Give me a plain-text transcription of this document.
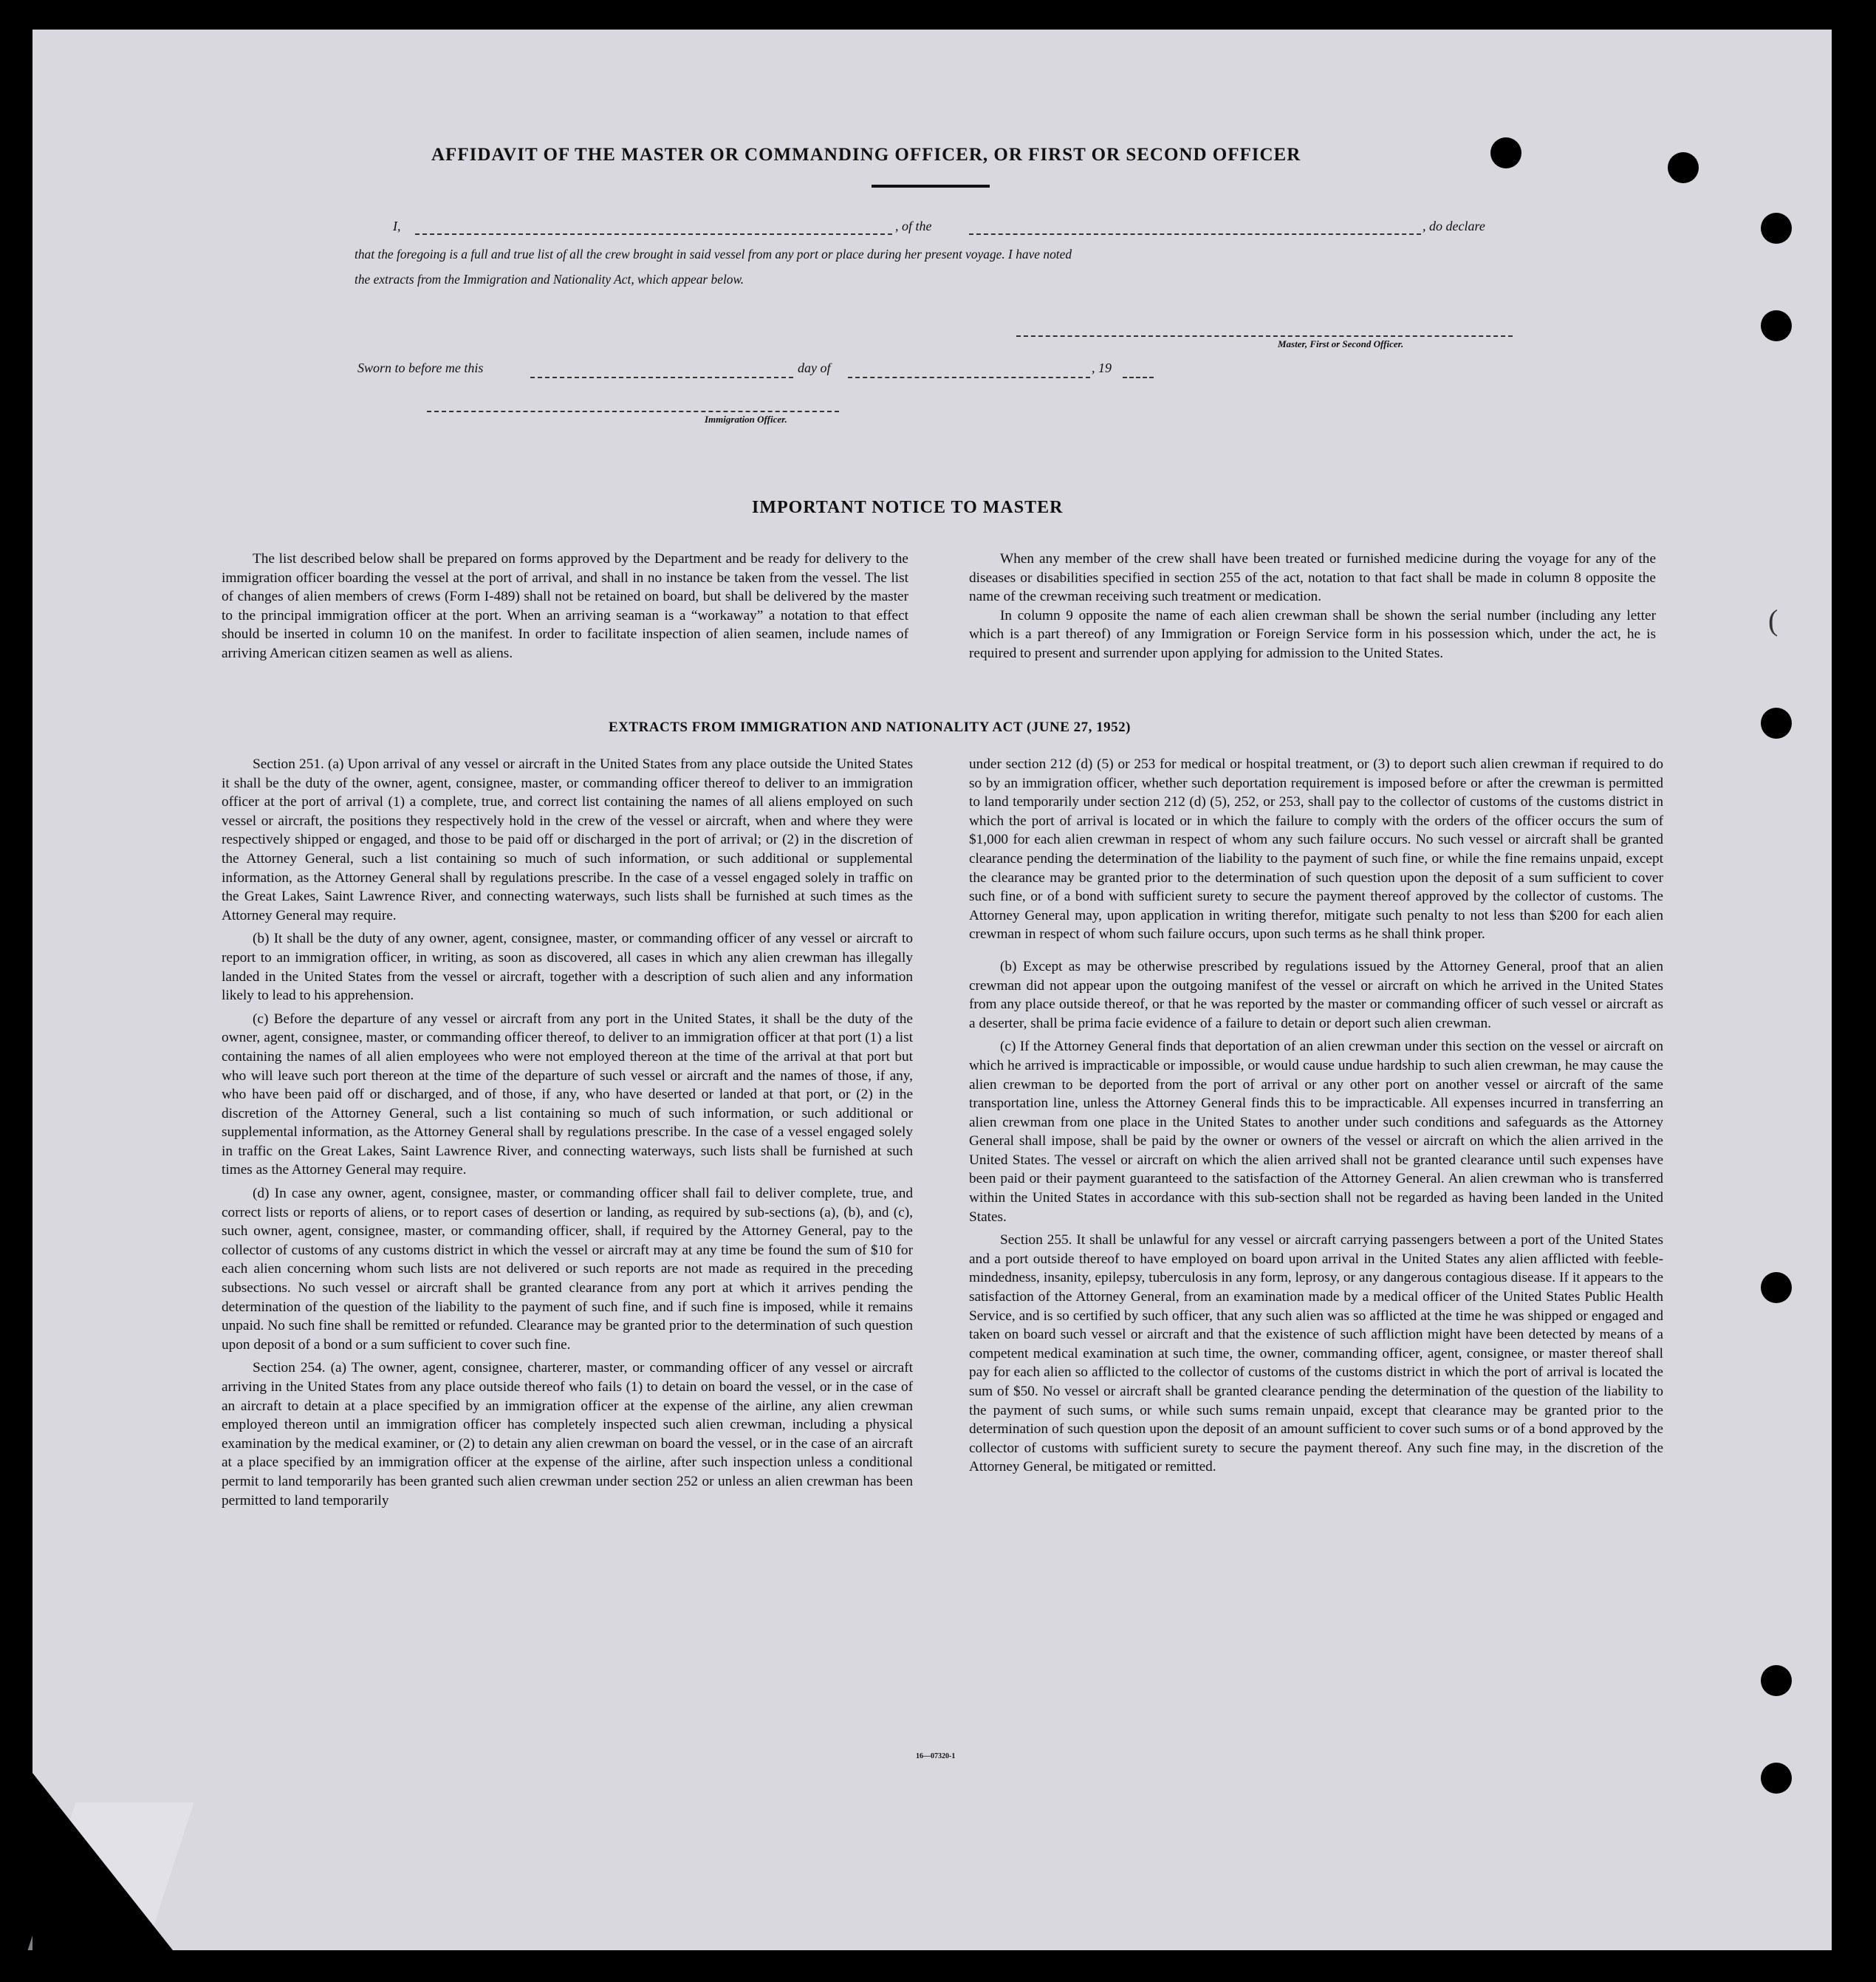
(
AFFIDAVIT OF THE MASTER OR COMMANDING OFFICER, OR FIRST OR SECOND OFFICER
I,	, of the	, do declare
that the foregoing is a full and true list of all the crew brought in said vessel from any port or place during her present voyage. I have noted
the extracts from the Immigration and Nationality Act, which appear below.
Master, First or Second Officer.
Sworn to before me this	day of	, 19
Immigration Officer.
IMPORTANT NOTICE TO MASTER

The list described below shall be prepared on forms approved by the Department and be ready for delivery to the immigration officer boarding the vessel at the port of arrival, and shall in no instance be taken from the vessel. The list of changes of alien members of crews (Form I-489) shall not be retained on board, but shall be delivered by the master to the principal immigration officer at the port. When an arriving seaman is a “workaway” a notation to that effect should be inserted in column 10 on the manifest. In order to facilitate inspection of alien seamen, include names of arriving American citizen seamen as well as aliens.

When any member of the crew shall have been treated or furnished medicine during the voyage for any of the diseases or disabilities specified in section 255 of the act, notation to that fact shall be made in column 8 opposite the name of the crewman receiving such treatment or medication.

In column 9 opposite the name of each alien crewman shall be shown the serial number (including any letter which is a part thereof) of any Immigration or Foreign Service form in his possession which, under the act, he is required to present and surrender upon applying for admission to the United States.

EXTRACTS FROM IMMIGRATION AND NATIONALITY ACT (JUNE 27, 1952)

Section 251. (a) Upon arrival of any vessel or aircraft in the United States from any place outside the United States it shall be the duty of the owner, agent, consignee, master, or commanding officer thereof to deliver to an immigration officer at the port of arrival (1) a complete, true, and correct list containing the names of all aliens employed on such vessel or aircraft, the positions they respectively hold in the crew of the vessel or aircraft, when and where they were respectively shipped or engaged, and those to be paid off or discharged in the port of arrival; or (2) in the discretion of the Attorney General, such a list containing so much of such information, or such additional or supplemental information, as the Attorney General shall by regulations prescribe. In the case of a vessel engaged solely in traffic on the Great Lakes, Saint Lawrence River, and connecting waterways, such lists shall be furnished at such times as the Attorney General may require.

(b) It shall be the duty of any owner, agent, consignee, master, or commanding officer of any vessel or aircraft to report to an immigration officer, in writing, as soon as discovered, all cases in which any alien crewman has illegally landed in the United States from the vessel or aircraft, together with a description of such alien and any information likely to lead to his apprehension.

(c) Before the departure of any vessel or aircraft from any port in the United States, it shall be the duty of the owner, agent, consignee, master, or commanding officer thereof, to deliver to an immigration officer at that port (1) a list containing the names of all alien employees who were not employed thereon at the time of the arrival at that port but who will leave such port thereon at the time of the departure of such vessel or aircraft and the names of those, if any, who have been paid off or discharged, and of those, if any, who have deserted or landed at that port, or (2) in the discretion of the Attorney General, such a list containing so much of such information, or such additional or supplemental information, as the Attorney General shall by regulations prescribe. In the case of a vessel engaged solely in traffic on the Great Lakes, Saint Lawrence River, and connecting waterways, such lists shall be furnished at such times as the Attorney General may require.

(d) In case any owner, agent, consignee, master, or commanding officer shall fail to deliver complete, true, and correct lists or reports of aliens, or to report cases of desertion or landing, as required by sub-sections (a), (b), and (c), such owner, agent, consignee, master, or commanding officer, shall, if required by the Attorney General, pay to the collector of customs of any customs district in which the vessel or aircraft may at any time be found the sum of $10 for each alien concerning whom such lists are not delivered or such reports are not made as required in the preceding subsections. No such vessel or aircraft shall be granted clearance from any port at which it arrives pending the determination of the question of the liability to the payment of such fine, and if such fine is imposed, while it remains unpaid. No such fine shall be remitted or refunded. Clearance may be granted prior to the determination of such question upon deposit of a bond or a sum sufficient to cover such fine.

Section 254. (a) The owner, agent, consignee, charterer, master, or commanding officer of any vessel or aircraft arriving in the United States from any place outside thereof who fails (1) to detain on board the vessel, or in the case of an aircraft to detain at a place specified by an immigration officer at the expense of the airline, any alien crewman employed thereon until an immigration officer has completely inspected such alien crewman, including a physical examination by the medical examiner, or (2) to detain any alien crewman on board the vessel, or in the case of an aircraft at a place specified by an immigration officer at the expense of the airline, after such inspection unless a conditional permit to land temporarily has been granted such alien crewman under section 252 or unless an alien crewman has been permitted to land temporarily

under section 212 (d) (5) or 253 for medical or hospital treatment, or (3) to deport such alien crewman if required to do so by an immigration officer, whether such deportation requirement is imposed before or after the crewman is permitted to land temporarily under section 212 (d) (5), 252, or 253, shall pay to the collector of customs of the customs district in which the port of arrival is located or in which the failure to comply with the orders of the officer occurs the sum of $1,000 for each alien crewman in respect of whom any such failure occurs. No such vessel or aircraft shall be granted clearance pending the determination of the liability to the payment of such fine, or while the fine remains unpaid, except the clearance may be granted prior to the determination of such question upon the deposit of a sum sufficient to cover such fine, or of a bond with sufficient surety to secure the payment thereof approved by the collector of customs. The Attorney General may, upon application in writing therefor, mitigate such penalty to not less than $200 for each alien crewman in respect of whom such failure occurs, upon such terms as he shall think proper.

(b) Except as may be otherwise prescribed by regulations issued by the Attorney General, proof that an alien crewman did not appear upon the outgoing manifest of the vessel or aircraft on which he arrived in the United States from any place outside thereof, or that he was reported by the master or commanding officer of such vessel or aircraft as a deserter, shall be prima facie evidence of a failure to detain or deport such alien crewman.

(c) If the Attorney General finds that deportation of an alien crewman under this section on the vessel or aircraft on which he arrived is impracticable or impossible, or would cause undue hardship to such alien crewman, he may cause the alien crewman to be deported from the port of arrival or any other port on another vessel or aircraft of the same transportation line, unless the Attorney General finds this to be impracticable. All expenses incurred in transferring an alien crewman from one place in the United States to another under such conditions and safeguards as the Attorney General shall impose, shall be paid by the owner or owners of the vessel or aircraft on which the alien arrived in the United States. The vessel or aircraft on which the alien arrived shall not be granted clearance until such expenses have been paid or their payment guaranteed to the satisfaction of the Attorney General. An alien crewman who is transferred within the United States in accordance with this sub-section shall not be regarded as having been landed in the United States.

Section 255. It shall be unlawful for any vessel or aircraft carrying passengers between a port of the United States and a port outside thereof to have employed on board upon arrival in the United States any alien afflicted with feeble-mindedness, insanity, epilepsy, tuberculosis in any form, leprosy, or any dangerous contagious disease. If it appears to the satisfaction of the Attorney General, from an examination made by a medical officer of the United States Public Health Service, and is so certified by such officer, that any such alien was so afflicted at the time he was shipped or engaged and taken on board such vessel or aircraft and that the existence of such affliction might have been detected by means of a competent medical examination at such time, the owner, commanding officer, agent, consignee, or master thereof shall pay for each alien so afflicted to the collector of customs of the customs district in which the port of arrival is located the sum of $50. No vessel or aircraft shall be granted clearance pending the determination of the question of the liability to the payment of such sums, or while such sums remain unpaid, except that clearance may be granted prior to the determination of such question upon the deposit of an amount sufficient to cover such sums or of a bond approved by the collector of customs with sufficient surety to secure the payment thereof. Any such fine may, in the discretion of the Attorney General, be mitigated or remitted.

16—07320-1
